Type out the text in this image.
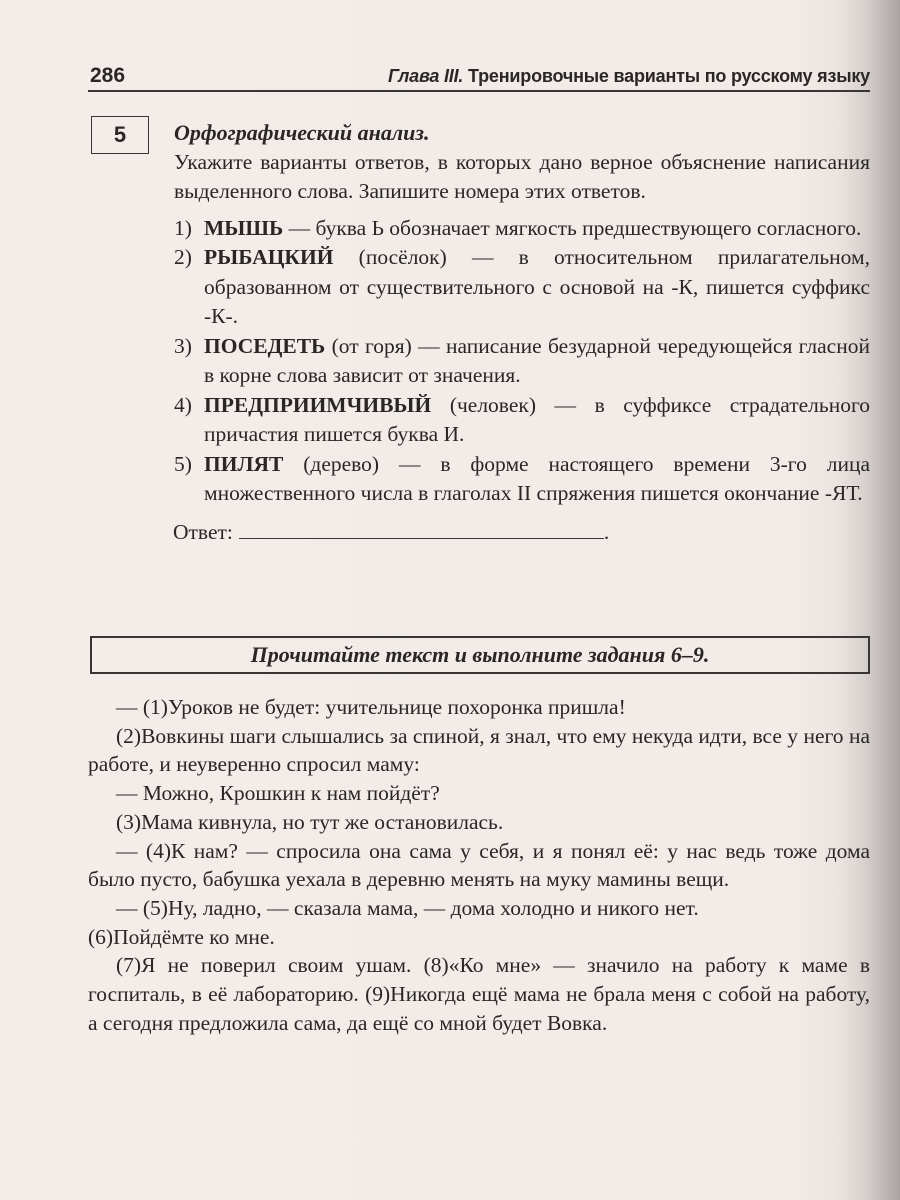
286	Глава III. Тренировочные варианты по русскому языку
5	Орфографический анализ.
Укажите варианты ответов, в которых дано верное объяснение написания выделенного слова. Запишите номера этих ответов.
1) МЫШЬ — буква Ь обозначает мягкость предшествующего согласного.
2) РЫБАЦКИЙ (посёлок) — в относительном прилагательном, образованном от существительного с основой на -К, пишется суффикс -К-.
3) ПОСЕДЕТЬ (от горя) — написание безударной чередующейся гласной в корне слова зависит от значения.
4) ПРЕДПРИИМЧИВЫЙ (человек) — в суффиксе страдательного причастия пишется буква И.
5) ПИЛЯТ (дерево) — в форме настоящего времени 3-го лица множественного числа в глаголах II спряжения пишется окончание -ЯТ.
Ответ:	.
Прочитайте текст и выполните задания 6–9.

— (1)Уроков не будет: учительнице похоронка пришла!

(2)Вовкины шаги слышались за спиной, я знал, что ему некуда идти, все у него на работе, и неуверенно спросил маму:

— Можно, Крошкин к нам пойдёт?

(3)Мама кивнула, но тут же остановилась.

— (4)К нам? — спросила она сама у себя, и я понял её: у нас ведь тоже дома было пусто, бабушка уехала в деревню менять на муку мамины вещи.

— (5)Ну, ладно, — сказала мама, — дома холодно и никого нет.

(6)Пойдёмте ко мне.

(7)Я не поверил своим ушам. (8)«Ко мне» — значило на работу к маме в госпиталь, в её лабораторию. (9)Никогда ещё мама не брала меня с собой на работу, а сегодня предложила сама, да ещё со мной будет Вовка.
